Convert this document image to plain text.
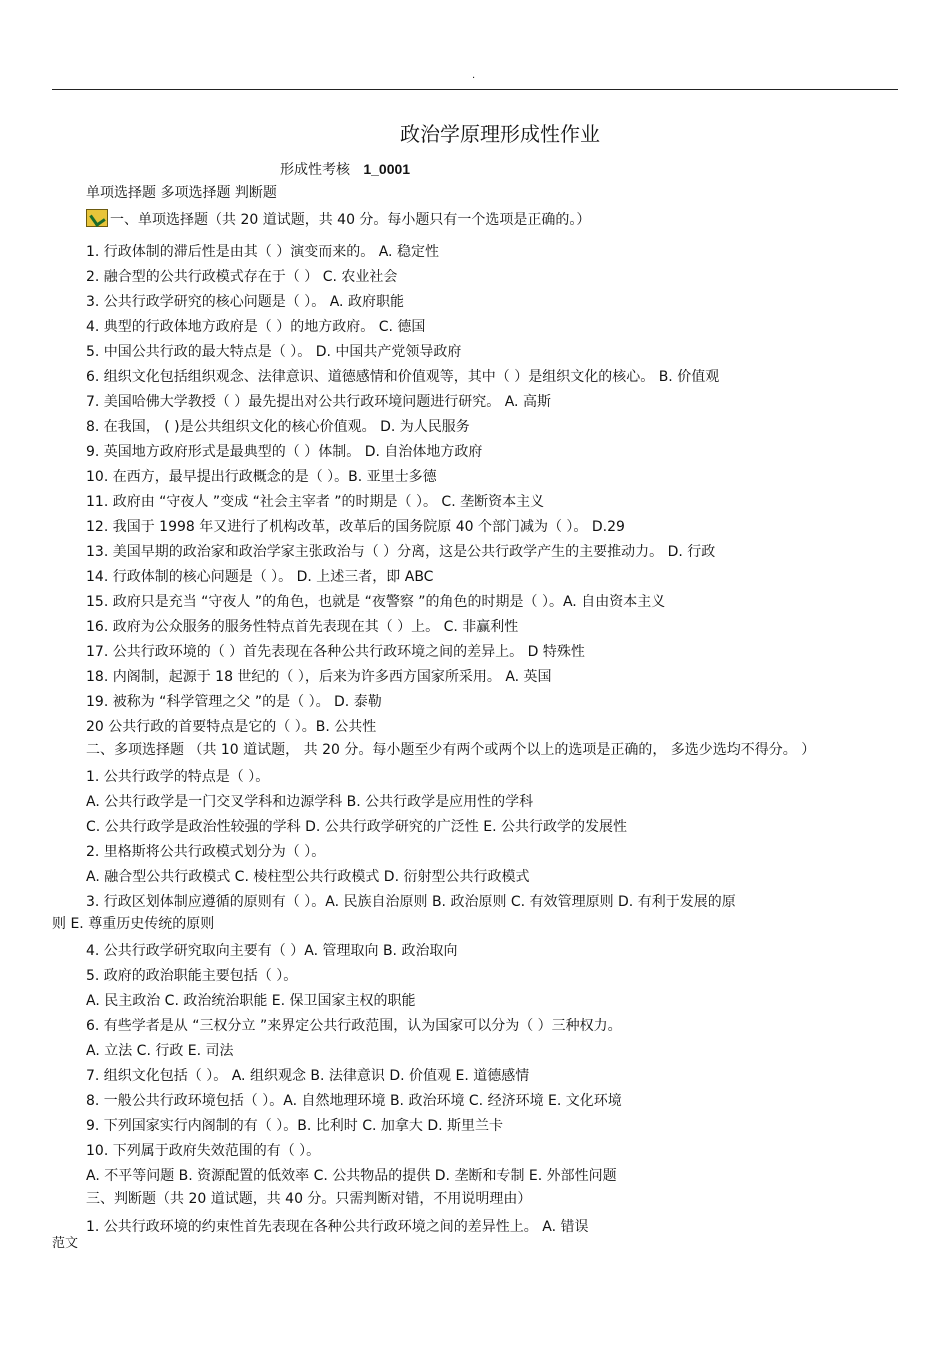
.
政治学原理形成性作业
形成性考核 1_0001
单项选择题 多项选择题 判断题
一、单项选择题（共 20 道试题，共 40 分。每小题只有一个选项是正确的。）
1. 行政体制的滞后性是由其（ ）演变而来的。 A. 稳定性
2. 融合型的公共行政模式存在于（ ） C. 农业社会
3. 公共行政学研究的核心问题是（ ）。 A. 政府职能
4. 典型的行政体地方政府是（ ）的地方政府。 C. 德国
5. 中国公共行政的最大特点是（ ）。 D. 中国共产党领导政府
6. 组织文化包括组织观念、法律意识、道德感情和价值观等，其中（ ）是组织文化的核心。 B. 价值观
7. 美国哈佛大学教授（ ）最先提出对公共行政环境问题进行研究。 A. 高斯
8. 在我国， ( )是公共组织文化的核心价值观。 D. 为人民服务
9. 英国地方政府形式是最典型的（ ）体制。 D. 自治体地方政府
10. 在西方，最早提出行政概念的是（ ）。B. 亚里士多德
11. 政府由 “守夜人 ”变成 “社会主宰者 ”的时期是（ ）。 C. 垄断资本主义
12. 我国于 1998 年又进行了机构改革，改革后的国务院原 40 个部门减为（ ）。 D.29
13. 美国早期的政治家和政治学家主张政治与（ ）分离，这是公共行政学产生的主要推动力。 D. 行政
14. 行政体制的核心问题是（ ）。 D. 上述三者，即 ABC
15. 政府只是充当 “守夜人 ”的角色，也就是 “夜警察 ”的角色的时期是（ ）。A. 自由资本主义
16. 政府为公众服务的服务性特点首先表现在其（ ）上。 C. 非赢利性
17. 公共行政环境的（ ）首先表现在各种公共行政环境之间的差异上。 D 特殊性
18. 内阁制，起源于 18 世纪的（ ），后来为许多西方国家所采用。 A. 英国
19. 被称为 “科学管理之父 ”的是（ ）。 D. 泰勒
20 公共行政的首要特点是它的（ ）。B. 公共性
二、多项选择题 （共 10 道试题， 共 20 分。每小题至少有两个或两个以上的选项是正确的， 多选少选均不得分。 ）
1. 公共行政学的特点是（ ）。
A. 公共行政学是一门交叉学科和边源学科 B. 公共行政学是应用性的学科
C. 公共行政学是政治性较强的学科 D. 公共行政学研究的广泛性 E. 公共行政学的发展性
2. 里格斯将公共行政模式划分为（ ）。
A. 融合型公共行政模式 C. 棱柱型公共行政模式 D. 衍射型公共行政模式
3. 行政区划体制应遵循的原则有（ ）。A. 民族自治原则 B. 政治原则 C. 有效管理原则 D. 有利于发展的原
则 E. 尊重历史传统的原则
4. 公共行政学研究取向主要有（ ）A. 管理取向 B. 政治取向
5. 政府的政治职能主要包括（ ）。
A. 民主政治 C. 政治统治职能 E. 保卫国家主权的职能
6. 有些学者是从 “三权分立 ”来界定公共行政范围，认为国家可以分为（ ）三种权力。
A. 立法 C. 行政 E. 司法
7. 组织文化包括（ ）。 A. 组织观念 B. 法律意识 D. 价值观 E. 道德感情
8. 一般公共行政环境包括（ ）。A. 自然地理环境 B. 政治环境 C. 经济环境 E. 文化环境
9. 下列国家实行内阁制的有（ ）。B. 比利时 C. 加拿大 D. 斯里兰卡
10. 下列属于政府失效范围的有（ ）。
A. 不平等问题 B. 资源配置的低效率 C. 公共物品的提供 D. 垄断和专制 E. 外部性问题
三、判断题（共 20 道试题，共 40 分。只需判断对错，不用说明理由）
1. 公共行政环境的约束性首先表现在各种公共行政环境之间的差异性上。 A. 错误
范文
